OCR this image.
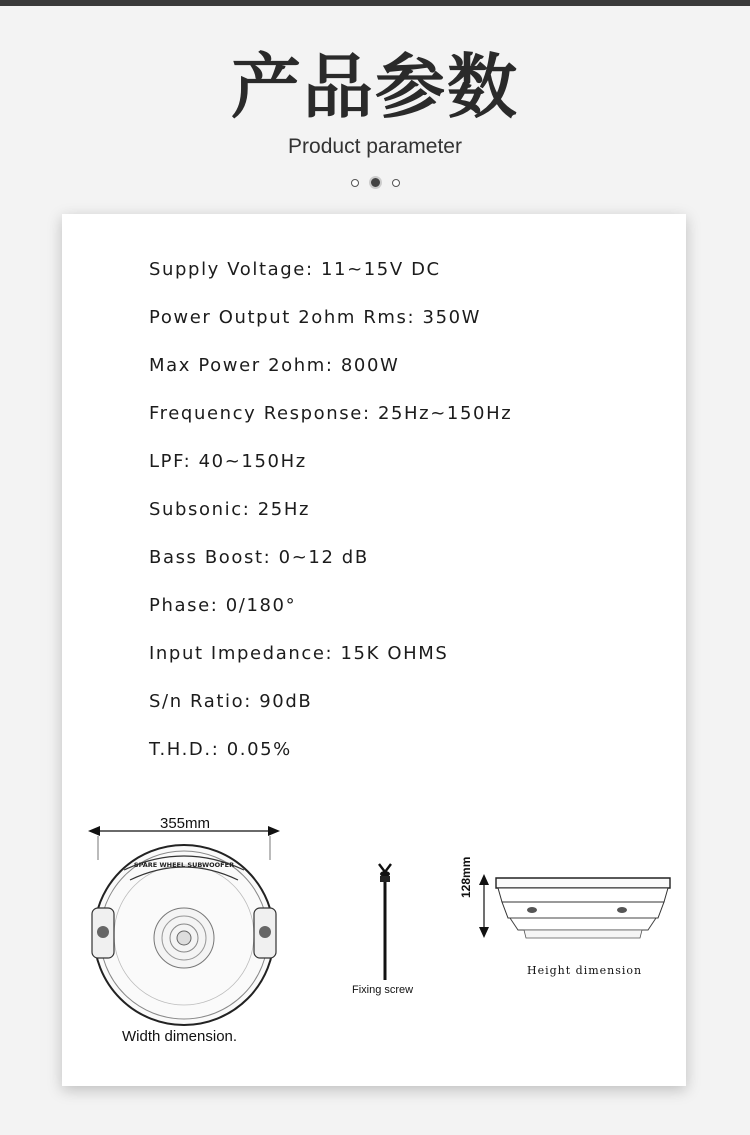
产品参数
Product parameter
Supply Voltage: 11~15V DC
Power Output 2ohm Rms: 350W
Max Power 2ohm: 800W
Frequency Response: 25Hz~150Hz
LPF: 40~150Hz
Subsonic: 25Hz
Bass Boost: 0~12 dB
Phase: 0/180°
Input Impedance: 15K OHMS
S/n Ratio: 90dB
T.H.D.: 0.05%
355mm
SPARE WHEEL SUBWOOFER
Width dimension.
Fixing screw
128mm
Height dimension
